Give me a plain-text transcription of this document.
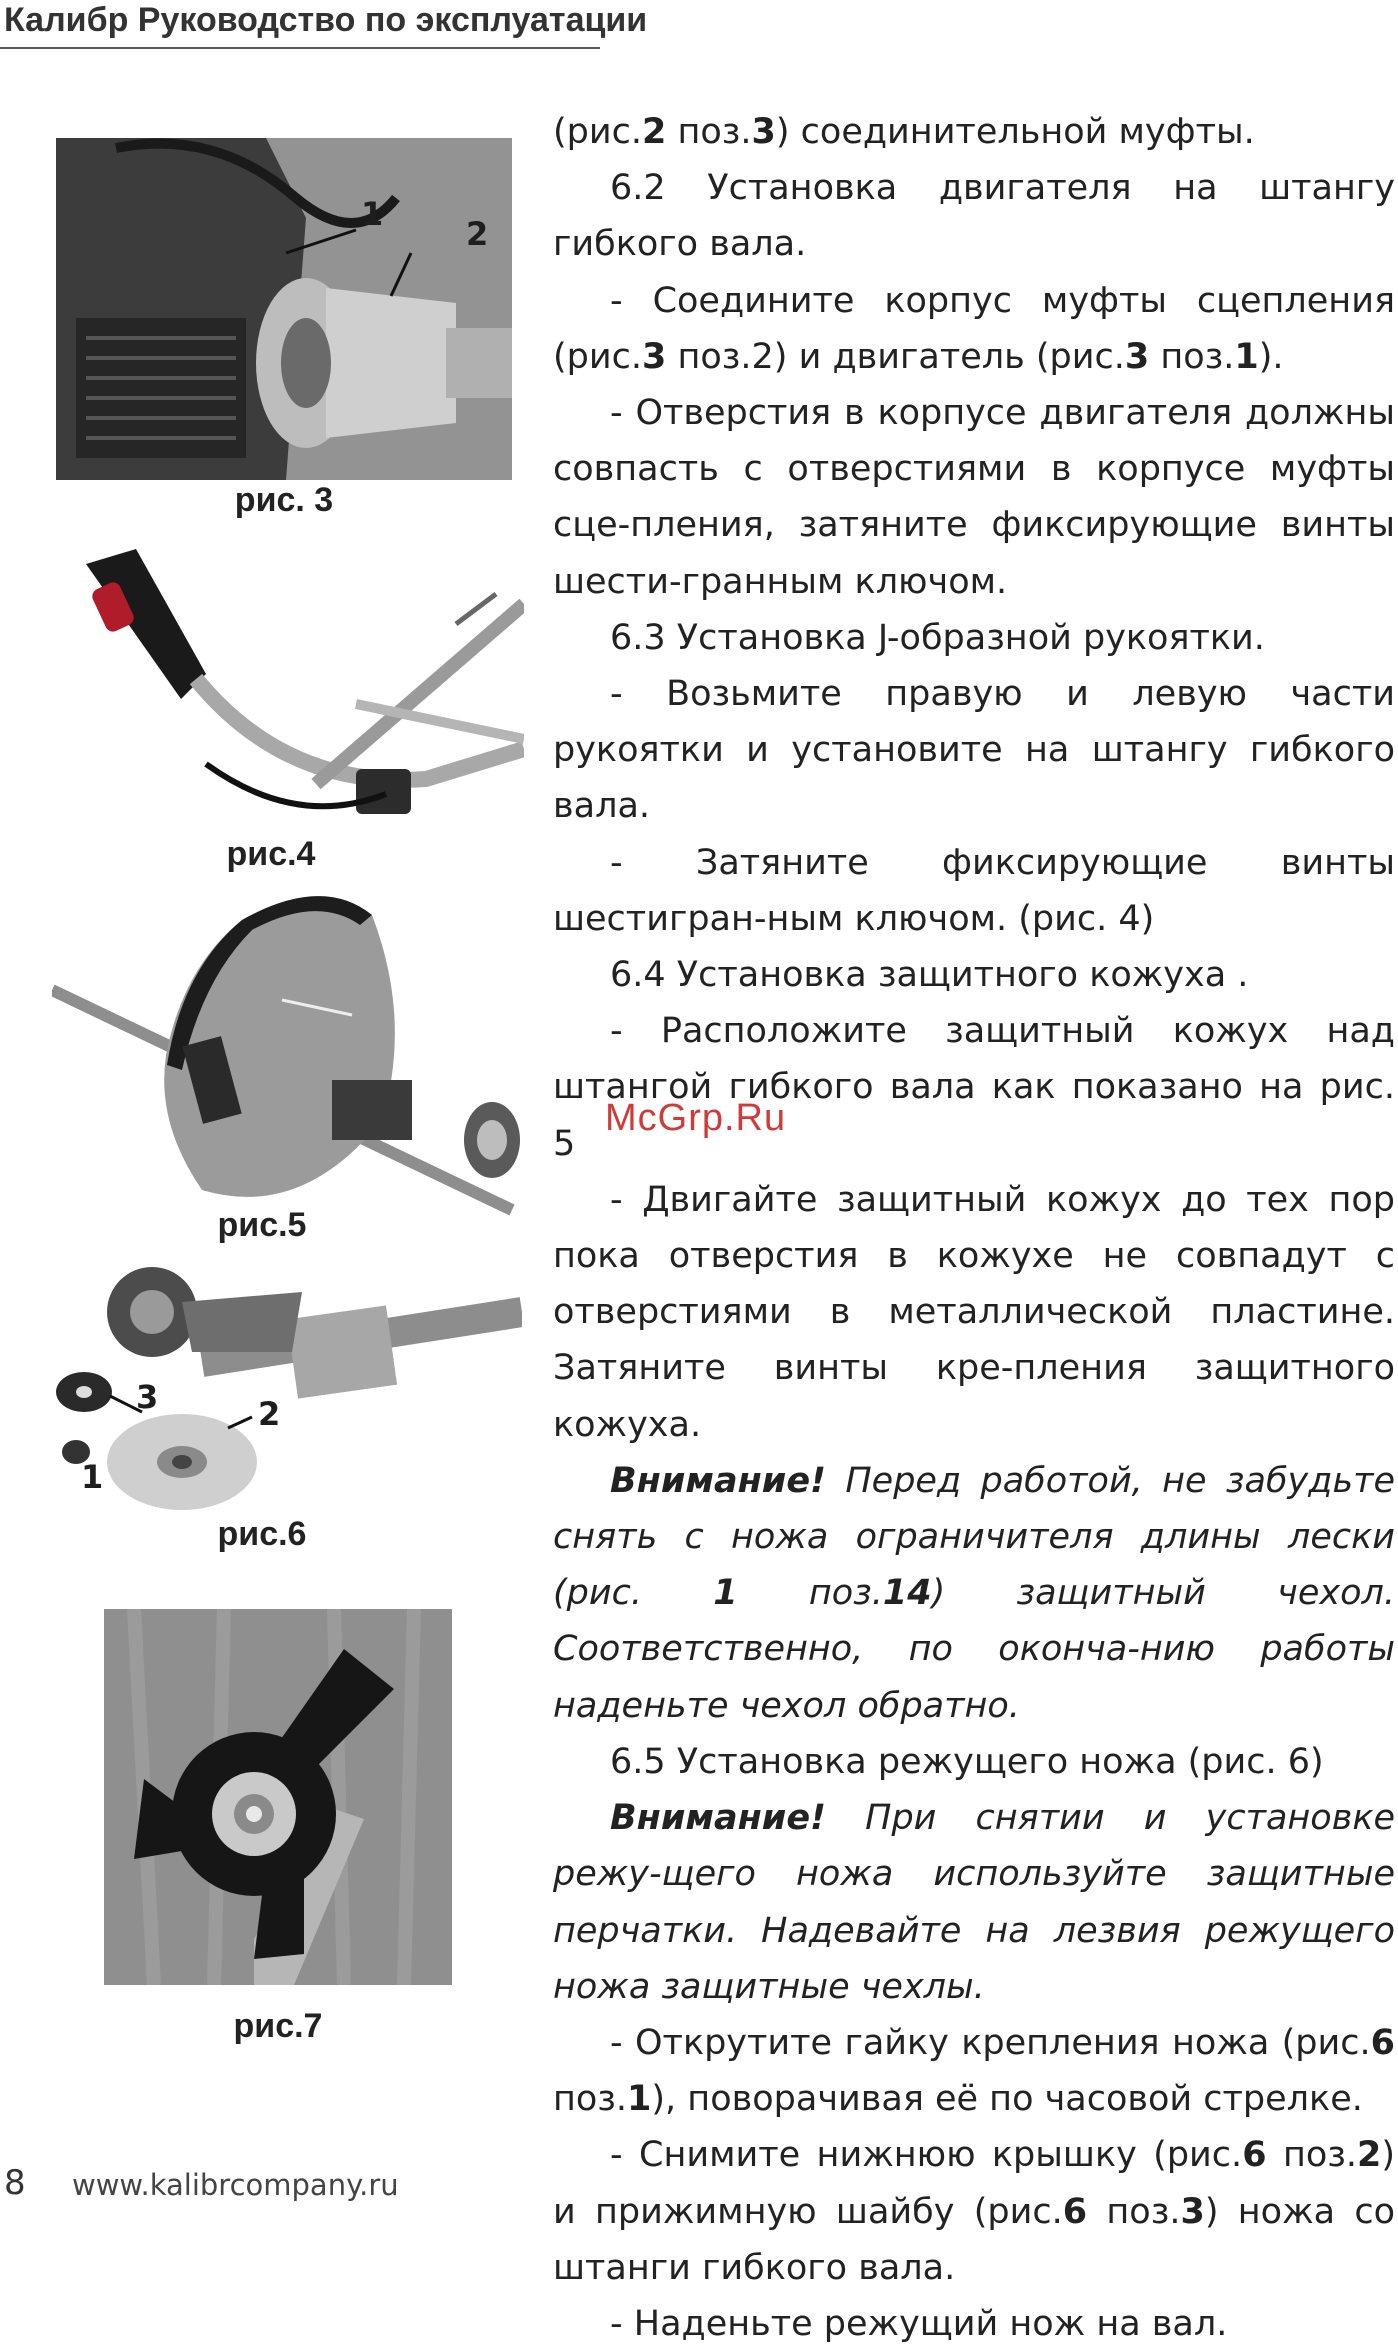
Калибр Руководство по эксплуатации
1
2
рис. 3
рис.4
рис.5
3	2
1
рис.6
рис.7

(рис.2 поз.3) соединительной муфты.

6.2 Установка двигателя на штангу гибкого вала.

- Соедините корпус муфты сцепления (рис.3 поз.2) и двигатель (рис.3 поз.1).

- Отверстия в корпусе двигателя должны совпасть с отверстиями в корпусе муфты сце-пления, затяните фиксирующие винты шести-гранным ключом.

6.3 Установка J-образной рукоятки.

- Возьмите правую и левую части рукоятки и установите на штангу гибкого вала.

- Затяните фиксирующие винты шестигран-ным ключом. (рис. 4)

6.4 Установка защитного кожуха .

- Расположите защитный кожух над штангой гибкого вала как показано на рис. 5

- Двигайте защитный кожух до тех пор пока отверстия в кожухе не совпадут с отверстиями в металлической пластине. Затяните винты кре-пления защитного кожуха.

Внимание! Перед работой, не забудьте снять с ножа ограничителя длины лески (рис. 1 поз.14) защитный чехол. Соответственно, по оконча-нию работы наденьте чехол обратно.

6.5 Установка режущего ножа (рис. 6)

Внимание! При снятии и установке режу-щего ножа используйте защитные перчатки. Надевайте на лезвия режущего ножа защитные чехлы.

- Открутите гайку крепления ножа (рис.6 поз.1), поворачивая её по часовой стрелке.

- Снимите нижнюю крышку (рис.6 поз.2) и прижимную шайбу (рис.6 поз.3) ножа со штанги гибкого вала.

- Наденьте режущий нож на вал.

McGrp.Ru
8 www.kalibrcompany.ru
